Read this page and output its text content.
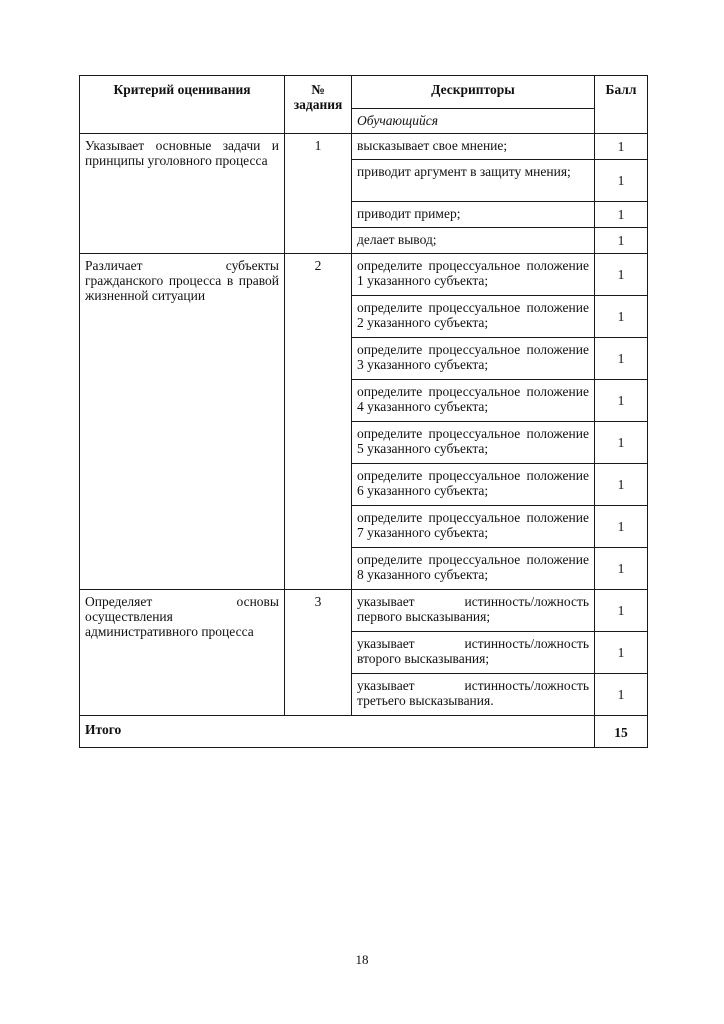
Критерий оценивания	№ задания	Дескрипторы	Балл
		Обучающийся	
Указывает основные задачи и принципы уголовного процесса	1	высказывает свое мнение;	1
		приводит аргумент в защиту мнения;	1
		приводит пример;	1
		делает вывод;	1
Различает субъекты гражданского процесса в правой жизненной ситуации	2	определите процессуальное положение 1 указанного субъекта;	1
		определите процессуальное положение 2 указанного субъекта;	1
		определите процессуальное положение 3 указанного субъекта;	1
		определите процессуальное положение 4 указанного субъекта;	1
		определите процессуальное положение 5 указанного субъекта;	1
		определите процессуальное положение 6 указанного субъекта;	1
		определите процессуальное положение 7 указанного субъекта;	1
		определите процессуальное положение 8 указанного субъекта;	1
Определяет основы осуществления административного процесса	3	указывает истинность/ложность первого высказывания;	1
		указывает истинность/ложность второго высказывания;	1
		указывает истинность/ложность третьего высказывания.	1
Итого			15
18
